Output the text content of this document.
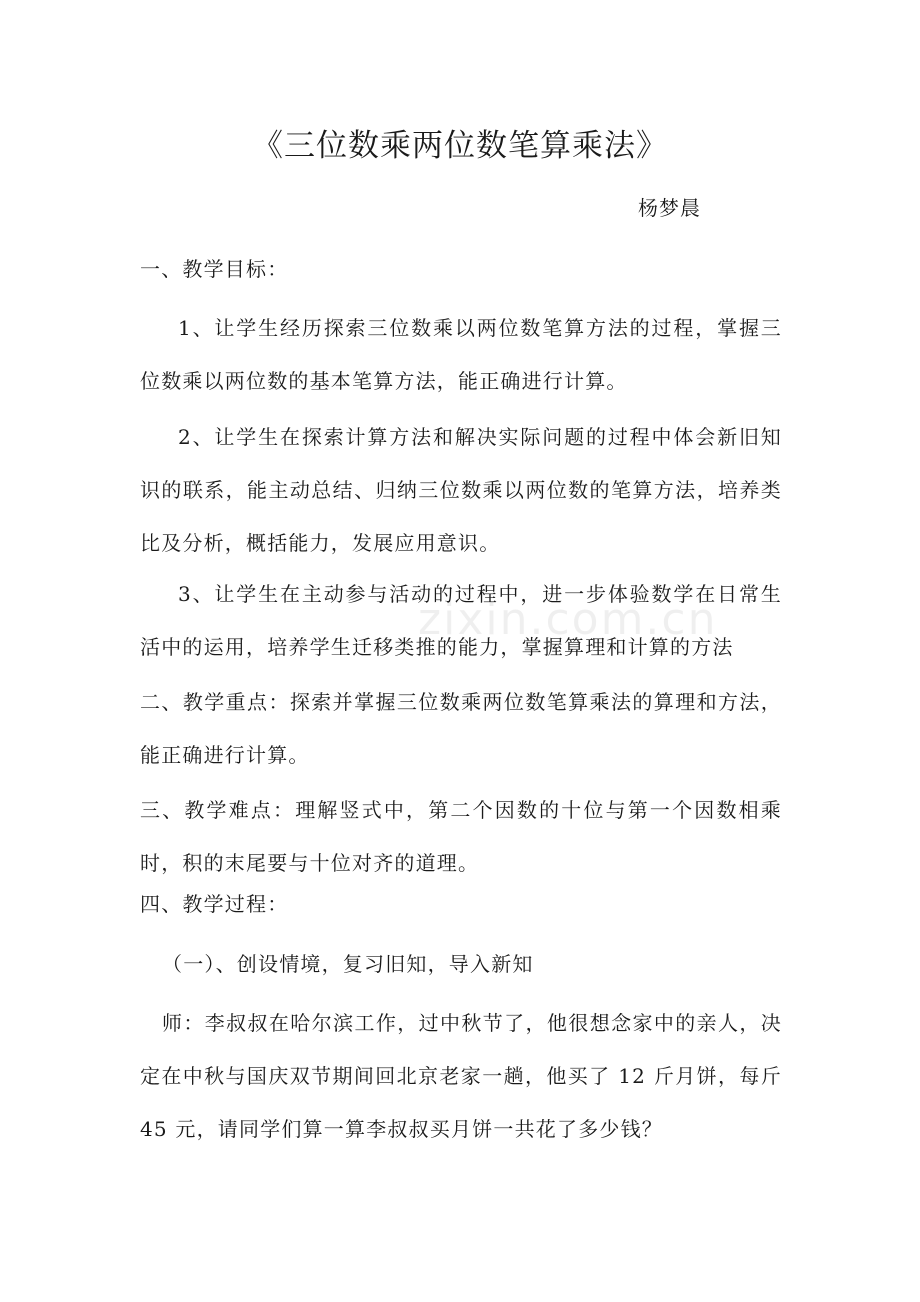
《三位数乘两位数笔算乘法》
杨梦晨

一、教学目标：

1、让学生经历探索三位数乘以两位数笔算方法的过程，掌握三位数乘以两位数的基本笔算方法，能正确进行计算。

2、让学生在探索计算方法和解决实际问题的过程中体会新旧知识的联系，能主动总结、归纳三位数乘以两位数的笔算方法，培养类比及分析，概括能力，发展应用意识。

zixin.com.cn

3、让学生在主动参与活动的过程中，进一步体验数学在日常生活中的运用，培养学生迁移类推的能力，掌握算理和计算的方法

二、教学重点：探索并掌握三位数乘两位数笔算乘法的算理和方法，能正确进行计算。

三、教学难点：理解竖式中，第二个因数的十位与第一个因数相乘时，积的末尾要与十位对齐的道理。

四、教学过程：

（一）、创设情境，复习旧知，导入新知

师：李叔叔在哈尔滨工作，过中秋节了，他很想念家中的亲人，决定在中秋与国庆双节期间回北京老家一趟，他买了 12 斤月饼，每斤 45 元，请同学们算一算李叔叔买月饼一共花了多少钱？
